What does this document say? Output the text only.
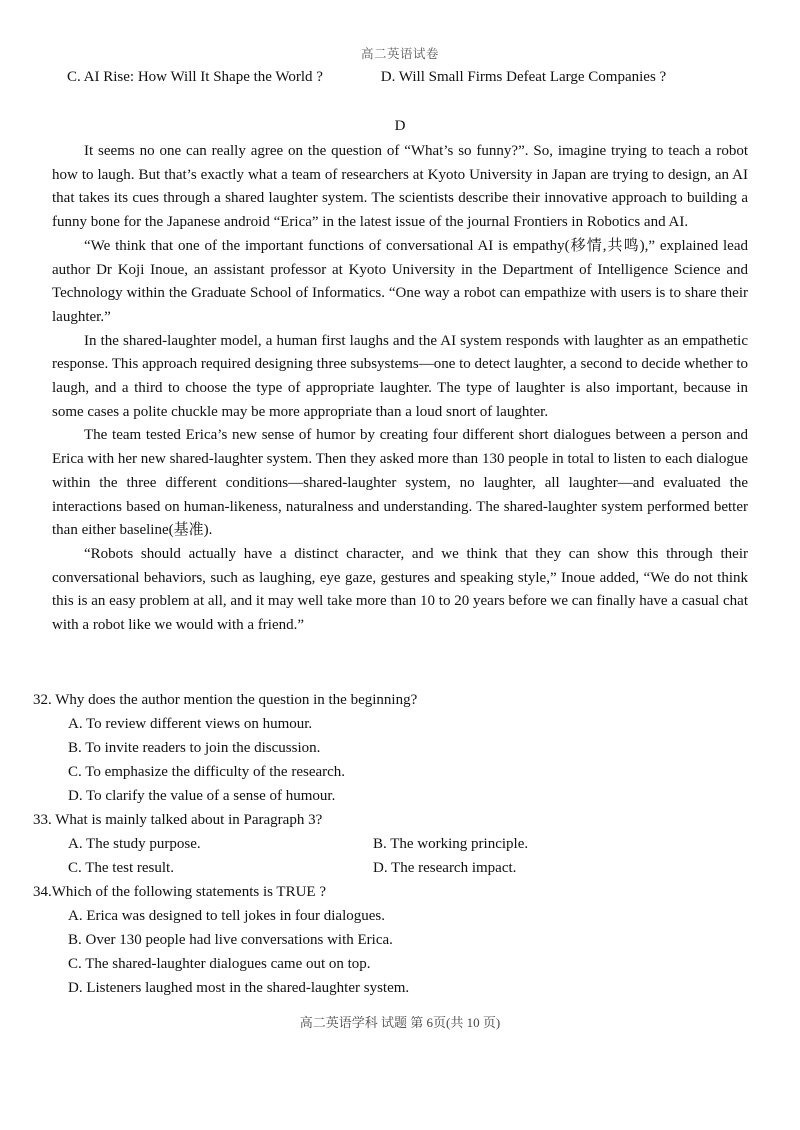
高二英语试卷
C. AI Rise: How Will It Shape the World ?	D. Will Small Firms Defeat Large Companies ?
D

It seems no one can really agree on the question of “What’s so funny?”. So, imagine trying to teach a robot how to laugh. But that’s exactly what a team of researchers at Kyoto University in Japan are trying to design, an AI that takes its cues through a shared laughter system. The scientists describe their innovative approach to building a funny bone for the Japanese android “Erica” in the latest issue of the journal Frontiers in Robotics and AI.

“We think that one of the important functions of conversational AI is empathy(移情,共鸣),” explained lead author Dr Koji Inoue, an assistant professor at Kyoto University in the Department of Intelligence Science and Technology within the Graduate School of Informatics. “One way a robot can empathize with users is to share their laughter.”

In the shared-laughter model, a human first laughs and the AI system responds with laughter as an empathetic response. This approach required designing three subsystems—one to detect laughter, a second to decide whether to laugh, and a third to choose the type of appropriate laughter. The type of laughter is also important, because in some cases a polite chuckle may be more appropriate than a loud snort of laughter.

The team tested Erica’s new sense of humor by creating four different short dialogues between a person and Erica with her new shared-laughter system. Then they asked more than 130 people in total to listen to each dialogue within the three different conditions—shared-laughter system, no laughter, all laughter—and evaluated the interactions based on human-likeness, naturalness and understanding. The shared-laughter system performed better than either baseline(基准).

“Robots should actually have a distinct character, and we think that they can show this through their conversational behaviors, such as laughing, eye gaze, gestures and speaking style,” Inoue added, “We do not think this is an easy problem at all, and it may well take more than 10 to 20 years before we can finally have a casual chat with a robot like we would with a friend.”

32. Why does the author mention the question in the beginning?

A. To review different views on humour.

B. To invite readers to join the discussion.

C. To emphasize the difficulty of the research.

D. To clarify the value of a sense of humour.

33. What is mainly talked about in Paragraph 3?

A. The study purpose.	B. The working principle.
C. The test result.	D. The research impact.

34.Which of the following statements is TRUE ?

A. Erica was designed to tell jokes in four dialogues.

B. Over 130 people had live conversations with Erica.

C. The shared-laughter dialogues came out on top.

D. Listeners laughed most in the shared-laughter system.

高二英语学科 试题 第 6页(共 10 页)
